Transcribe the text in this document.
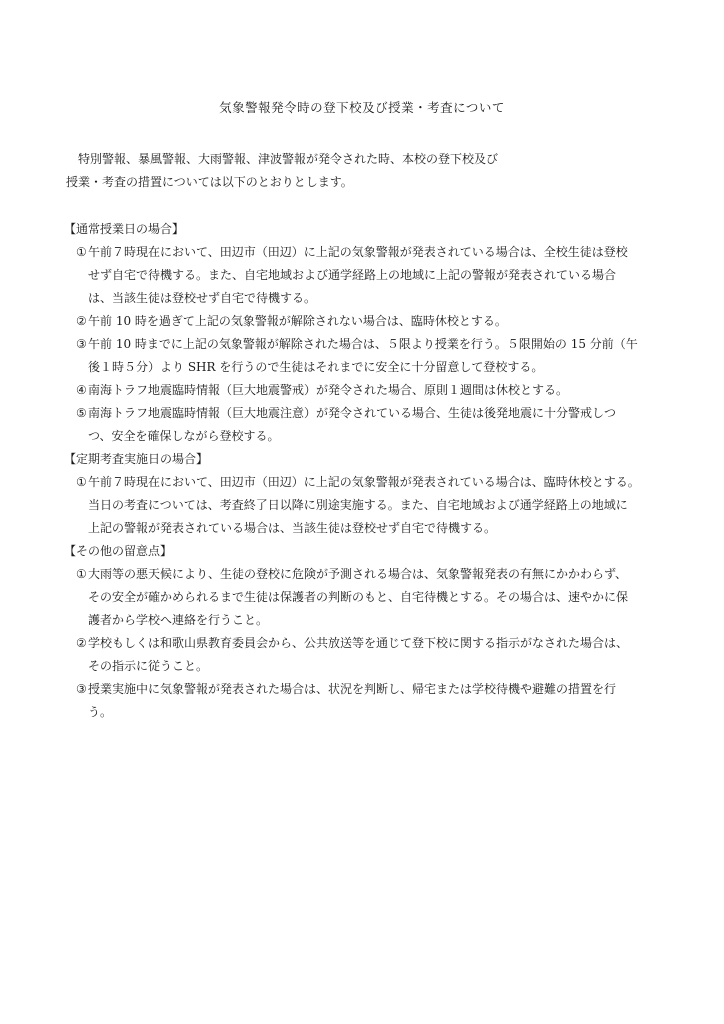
気象警報発令時の登下校及び授業・考査について
特別警報、暴風警報、大雨警報、津波警報が発令された時、本校の登下校及び
授業・考査の措置については以下のとおりとします。
【通常授業日の場合】
① 午前７時現在において、田辺市（田辺）に上記の気象警報が発表されている場合は、全校生徒は登校
せず自宅で待機する。また、自宅地域および通学経路上の地域に上記の警報が発表されている場合
は、当該生徒は登校せず自宅で待機する。
② 午前 10 時を過ぎて上記の気象警報が解除されない場合は、臨時休校とする。
③ 午前 10 時までに上記の気象警報が解除された場合は、５限より授業を行う。５限開始の 15 分前（午
後１時５分）より SHR を行うので生徒はそれまでに安全に十分留意して登校する。
④ 南海トラフ地震臨時情報（巨大地震警戒）が発令された場合、原則１週間は休校とする。
⑤ 南海トラフ地震臨時情報（巨大地震注意）が発令されている場合、生徒は後発地震に十分警戒しつ
つ、安全を確保しながら登校する。
【定期考査実施日の場合】
① 午前７時現在において、田辺市（田辺）に上記の気象警報が発表されている場合は、臨時休校とする。
当日の考査については、考査終了日以降に別途実施する。また、自宅地域および通学経路上の地域に
上記の警報が発表されている場合は、当該生徒は登校せず自宅で待機する。
【その他の留意点】
① 大雨等の悪天候により、生徒の登校に危険が予測される場合は、気象警報発表の有無にかかわらず、
その安全が確かめられるまで生徒は保護者の判断のもと、自宅待機とする。その場合は、速やかに保
護者から学校へ連絡を行うこと。
② 学校もしくは和歌山県教育委員会から、公共放送等を通じて登下校に関する指示がなされた場合は、
その指示に従うこと。
③ 授業実施中に気象警報が発表された場合は、状況を判断し、帰宅または学校待機や避難の措置を行
う。
